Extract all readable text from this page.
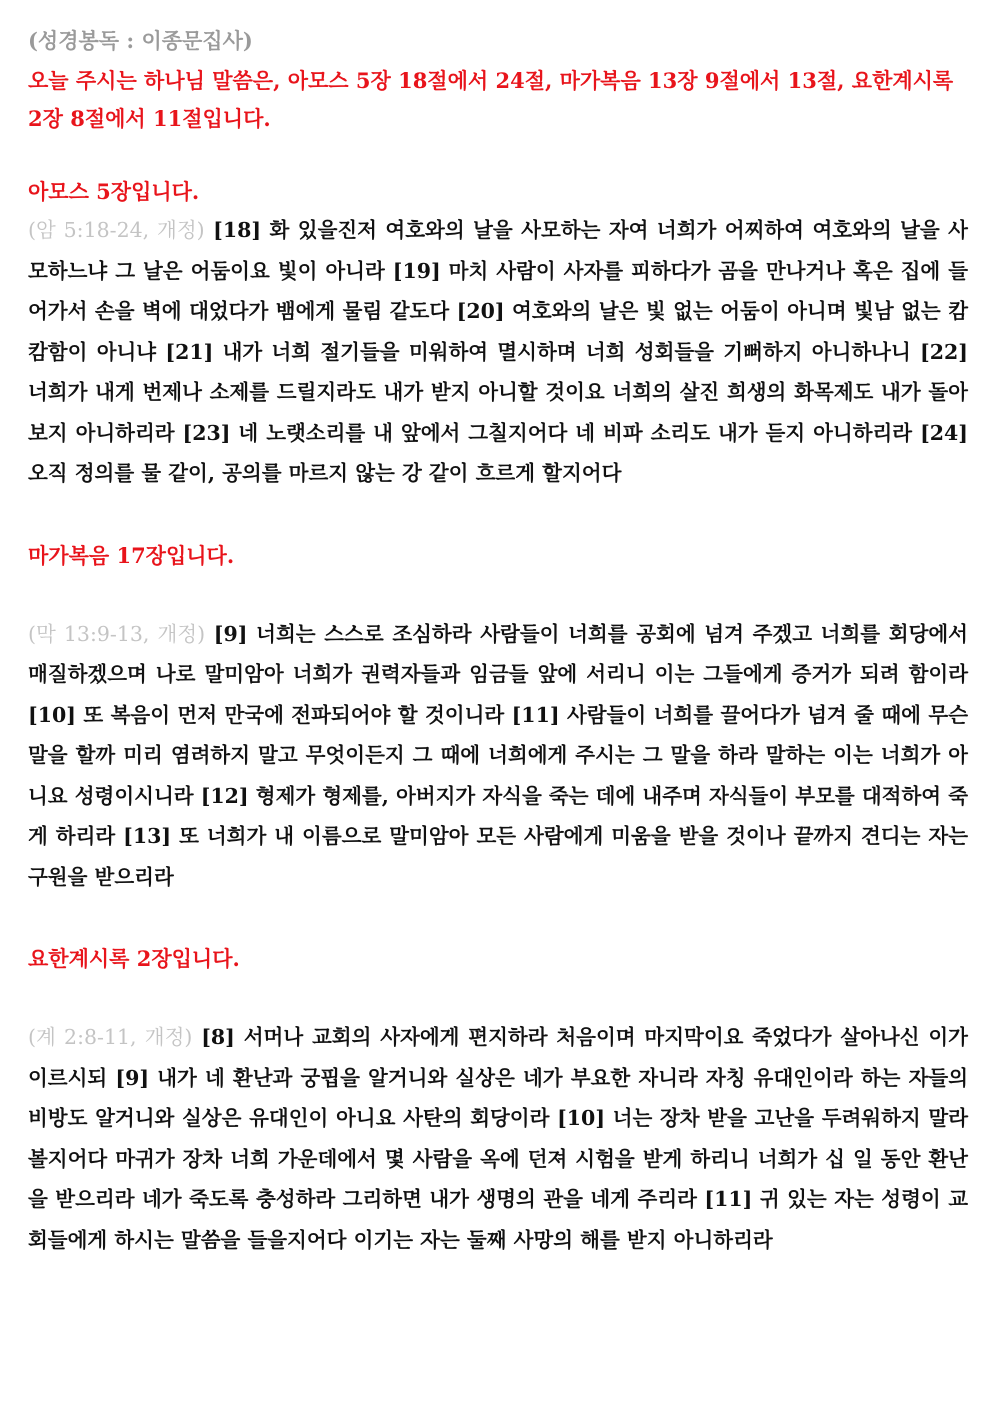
(성경봉독 : 이종문집사)

오늘 주시는 하나님 말씀은, 아모스 5장 18절에서 24절, 마가복음 13장 9절에서 13절, 요한계시록 2장 8절에서 11절입니다.

아모스 5장입니다.

(암 5:18-24, 개정) [18] 화 있을진저 여호와의 날을 사모하는 자여 너희가 어찌하여 여호와의 날을 사모하느냐 그 날은 어둠이요 빛이 아니라 [19] 마치 사람이 사자를 피하다가 곰을 만나거나 혹은 집에 들어가서 손을 벽에 대었다가 뱀에게 물림 같도다 [20] 여호와의 날은 빛 없는 어둠이 아니며 빛남 없는 캄캄함이 아니냐 [21] 내가 너희 절기들을 미워하여 멸시하며 너희 성회들을 기뻐하지 아니하나니 [22] 너희가 내게 번제나 소제를 드릴지라도 내가 받지 아니할 것이요 너희의 살진 희생의 화목제도 내가 돌아보지 아니하리라 [23] 네 노랫소리를 내 앞에서 그칠지어다 네 비파 소리도 내가 듣지 아니하리라 [24] 오직 정의를 물 같이, 공의를 마르지 않는 강 같이 흐르게 할지어다

마가복음 17장입니다.

(막 13:9-13, 개정) [9] 너희는 스스로 조심하라 사람들이 너희를 공회에 넘겨 주겠고 너희를 회당에서 매질하겠으며 나로 말미암아 너희가 권력자들과 임금들 앞에 서리니 이는 그들에게 증거가 되려 함이라 [10] 또 복음이 먼저 만국에 전파되어야 할 것이니라 [11] 사람들이 너희를 끌어다가 넘겨 줄 때에 무슨 말을 할까 미리 염려하지 말고 무엇이든지 그 때에 너희에게 주시는 그 말을 하라 말하는 이는 너희가 아니요 성령이시니라 [12] 형제가 형제를, 아버지가 자식을 죽는 데에 내주며 자식들이 부모를 대적하여 죽게 하리라 [13] 또 너희가 내 이름으로 말미암아 모든 사람에게 미움을 받을 것이나 끝까지 견디는 자는 구원을 받으리라

요한계시록 2장입니다.

(계 2:8-11, 개정) [8] 서머나 교회의 사자에게 편지하라 처음이며 마지막이요 죽었다가 살아나신 이가 이르시되 [9] 내가 네 환난과 궁핍을 알거니와 실상은 네가 부요한 자니라 자칭 유대인이라 하는 자들의 비방도 알거니와 실상은 유대인이 아니요 사탄의 회당이라 [10] 너는 장차 받을 고난을 두려워하지 말라 볼지어다 마귀가 장차 너희 가운데에서 몇 사람을 옥에 던져 시험을 받게 하리니 너희가 십 일 동안 환난을 받으리라 네가 죽도록 충성하라 그리하면 내가 생명의 관을 네게 주리라 [11] 귀 있는 자는 성령이 교회들에게 하시는 말씀을 들을지어다 이기는 자는 둘째 사망의 해를 받지 아니하리라
